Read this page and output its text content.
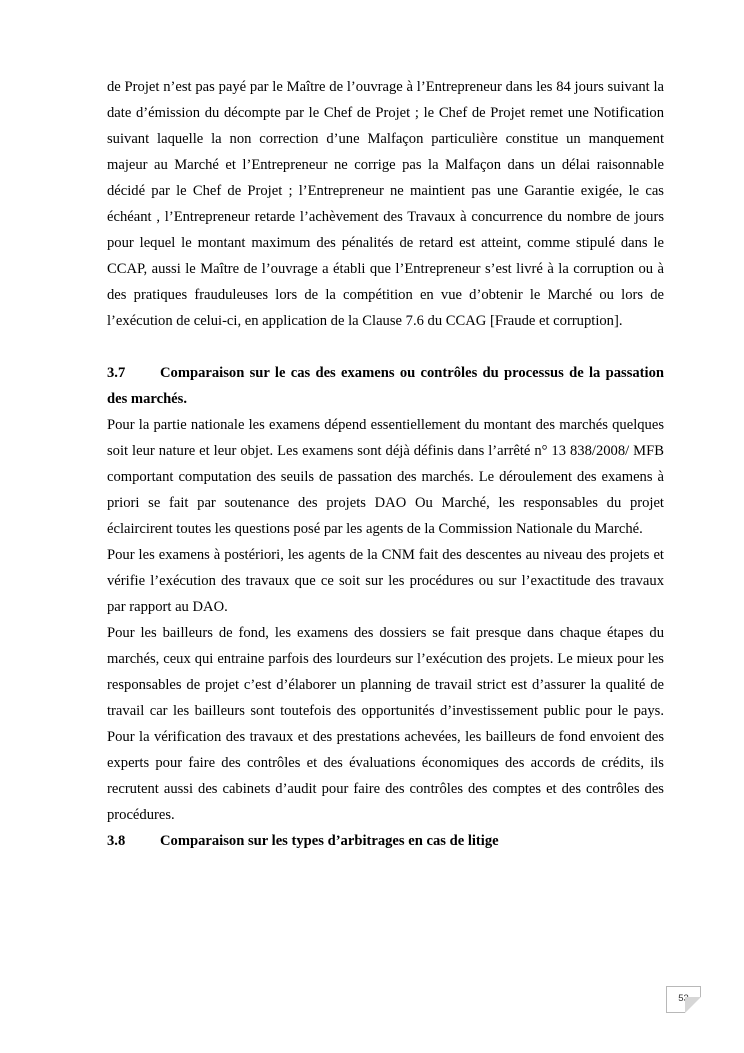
de Projet n’est pas payé par le Maître de l’ouvrage à l’Entrepreneur dans les 84 jours suivant la date d’émission du décompte par le Chef de Projet ; le Chef de Projet remet une Notification suivant laquelle la non correction d’une Malfaçon particulière constitue un manquement majeur au Marché et l’Entrepreneur ne corrige pas la Malfaçon dans un délai raisonnable décidé par le Chef de Projet ; l’Entrepreneur ne maintient pas une Garantie exigée, le cas échéant , l’Entrepreneur retarde l’achèvement des Travaux à concurrence du nombre de jours pour lequel le montant maximum des pénalités de retard est atteint, comme stipulé dans le CCAP, aussi le Maître de l’ouvrage a établi que l’Entrepreneur s’est livré à la corruption ou à des pratiques frauduleuses lors de la compétition en vue d’obtenir le Marché ou lors de l’exécution de celui-ci, en application de la Clause 7.6 du CCAG [Fraude et corruption].

3.7 Comparaison sur le cas des examens ou contrôles du processus de la passation des marchés.

Pour la partie nationale les examens dépend essentiellement du montant des marchés quelques soit leur nature et leur objet. Les examens sont déjà définis dans l’arrêté n° 13 838/2008/ MFB comportant computation des seuils de passation des marchés. Le déroulement des examens à priori se fait par soutenance des projets DAO Ou Marché, les responsables du projet éclaircirent toutes les questions posé par les agents de la Commission Nationale du Marché.

Pour les examens à postériori, les agents de la CNM fait des descentes au niveau des projets et vérifie l’exécution des travaux que ce soit sur les procédures ou sur l’exactitude des travaux par rapport au DAO.

Pour les bailleurs de fond, les examens des dossiers se fait presque dans chaque étapes du marchés, ceux qui entraine parfois des lourdeurs sur l’exécution des projets. Le mieux pour les responsables de projet c’est d’élaborer un planning de travail strict est d’assurer la qualité de travail car les bailleurs sont toutefois des opportunités d’investissement public pour le pays. Pour la vérification des travaux et des prestations achevées, les bailleurs de fond envoient des experts pour faire des contrôles et des évaluations économiques des accords de crédits, ils recrutent aussi des cabinets d’audit pour faire des contrôles des comptes et des contrôles des procédures.

3.8 Comparaison sur les types d’arbitrages en cas de litige

53
